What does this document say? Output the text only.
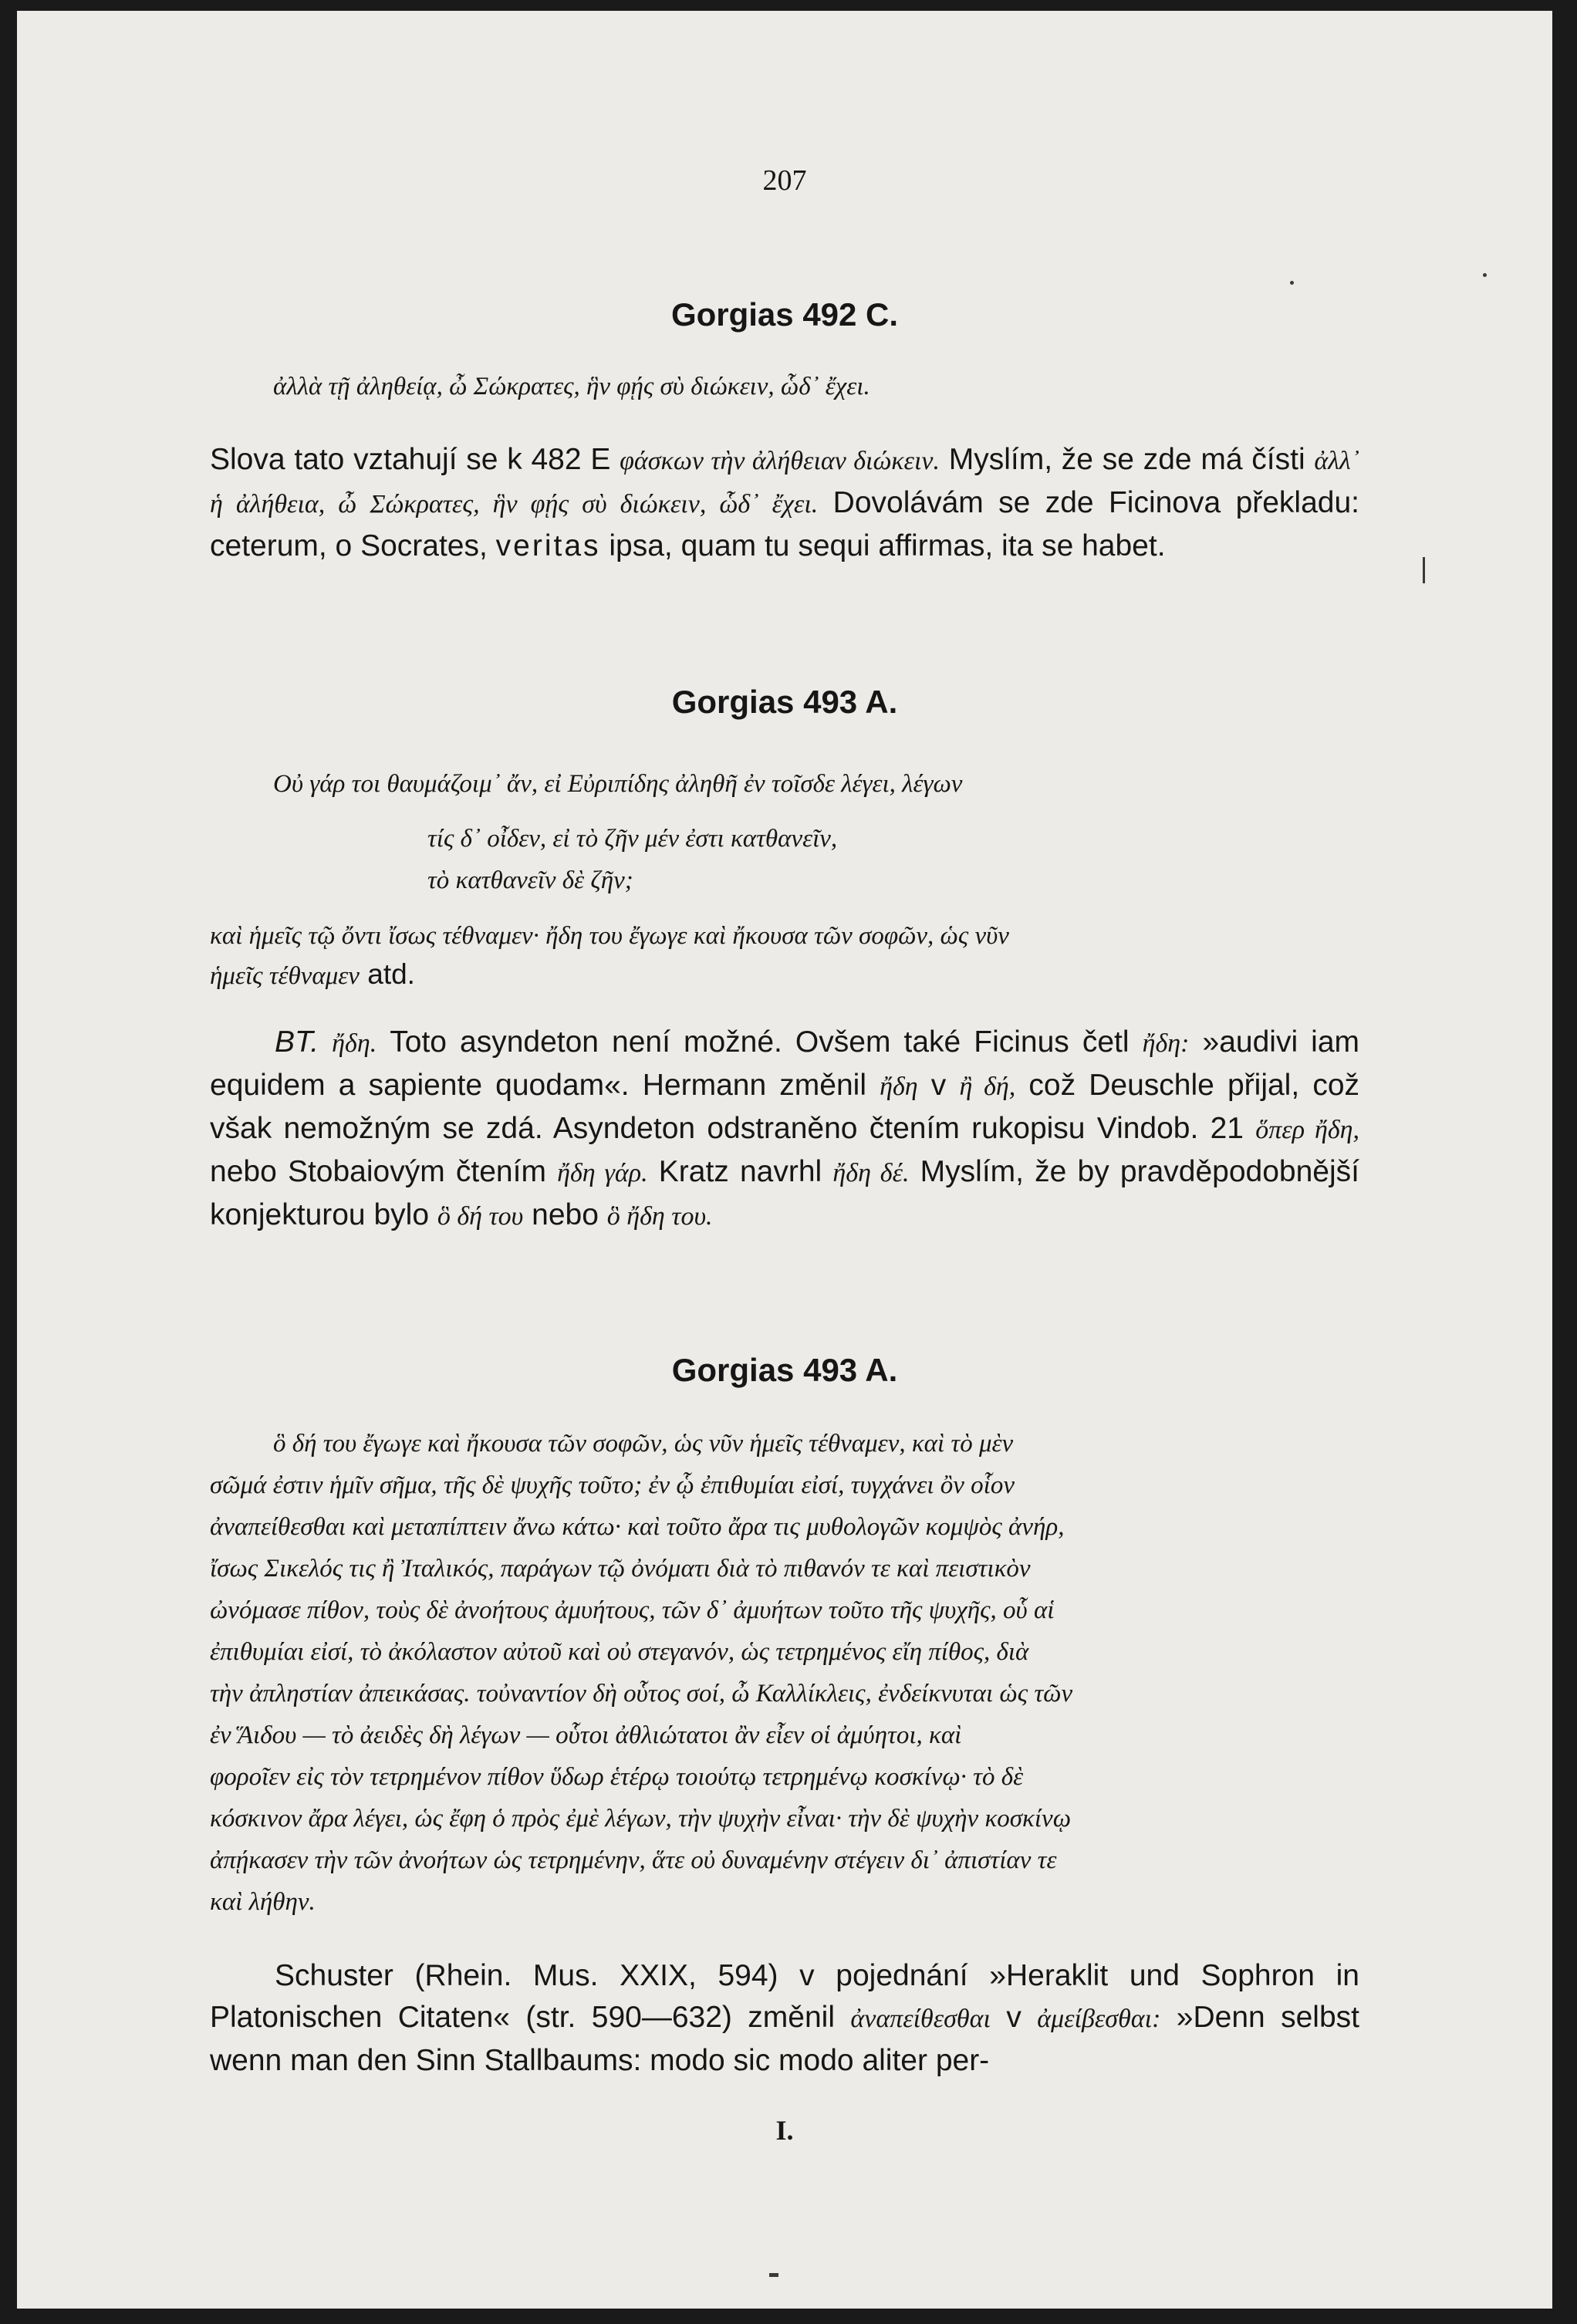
207
Gorgias 492 C.
ἀλλὰ τῇ ἀληθείᾳ, ὦ Σώκρατες, ἣν φῄς σὺ διώκειν, ὧδ᾽ ἔχει.
Slova tato vztahují se k 482 E φάσκων τὴν ἀλήθειαν διώκειν. Myslím, že se zde má čísti ἀλλ᾽ ἡ ἀλήθεια, ὦ Σώκρατες, ἣν φῄς σὺ διώκειν, ὧδ᾽ ἔχει. Dovolávám se zde Ficinova překladu: ceterum, o Socrates, veritas ipsa, quam tu sequi affirmas, ita se habet.
Gorgias 493 A.
Οὐ γάρ τοι θαυμάζοιμ᾽ ἄν, εἰ Εὐριπίδης ἀληθῆ ἐν τοῖσδε λέγει, λέγων
τίς δ᾽ οἶδεν, εἰ τὸ ζῆν μέν ἐστι κατθανεῖν,
τὸ κατθανεῖν δὲ ζῆν;
καὶ ἡμεῖς τῷ ὄντι ἴσως τέθναμεν· ἤδη του ἔγωγε καὶ ἤκουσα τῶν σοφῶν, ὡς νῦν
ἡμεῖς τέθναμεν atd.
BT. ἤδη. Toto asyndeton není možné. Ovšem také Ficinus četl ἤδη: »audivi iam equidem a sapiente quodam«. Hermann změnil ἤδη v ἢ δή, což Deuschle přijal, což však nemožným se zdá. Asyndeton odstraněno čtením rukopisu Vindob. 21 ὅπερ ἤδη, nebo Stobaiovým čtením ἤδη γάρ. Kratz navrhl ἤδη δέ. Myslím, že by pravděpodobnější konjekturou bylo ὃ δή του nebo ὃ ἤδη του.
Gorgias 493 A.
ὃ δή του ἔγωγε καὶ ἤκουσα τῶν σοφῶν, ὡς νῦν ἡμεῖς τέθναμεν, καὶ τὸ μὲν
σῶμά ἐστιν ἡμῖν σῆμα, τῆς δὲ ψυχῆς τοῦτο; ἐν ᾧ ἐπιθυμίαι εἰσί, τυγχάνει ὂν οἷον
ἀναπείθεσθαι καὶ μεταπίπτειν ἄνω κάτω· καὶ τοῦτο ἄρα τις μυθολογῶν κομψὸς ἀνήρ,
ἴσως Σικελός τις ἢ Ἰταλικός, παράγων τῷ ὀνόματι διὰ τὸ πιθανόν τε καὶ πειστικὸν
ὠνόμασε πίθον, τοὺς δὲ ἀνοήτους ἀμυήτους, τῶν δ᾽ ἀμυήτων τοῦτο τῆς ψυχῆς, οὗ αἱ
ἐπιθυμίαι εἰσί, τὸ ἀκόλαστον αὐτοῦ καὶ οὐ στεγανόν, ὡς τετρημένος εἴη πίθος, διὰ
τὴν ἀπληστίαν ἀπεικάσας. τοὐναντίον δὴ οὗτος σοί, ὦ Καλλίκλεις, ἐνδείκνυται ὡς τῶν
ἐν Ἅιδου — τὸ ἀειδὲς δὴ λέγων — οὗτοι ἀθλιώτατοι ἂν εἶεν οἱ ἀμύητοι, καὶ
φοροῖεν εἰς τὸν τετρημένον πίθον ὕδωρ ἑτέρῳ τοιούτῳ τετρημένῳ κοσκίνῳ· τὸ δὲ
κόσκινον ἄρα λέγει, ὡς ἔφη ὁ πρὸς ἐμὲ λέγων, τὴν ψυχὴν εἶναι· τὴν δὲ ψυχὴν κοσκίνῳ
ἀπῄκασεν τὴν τῶν ἀνοήτων ὡς τετρημένην, ἅτε οὐ δυναμένην στέγειν δι᾽ ἀπιστίαν τε
καὶ λήθην.
Schuster (Rhein. Mus. XXIX, 594) v pojednání »Heraklit und Sophron in Platonischen Citaten« (str. 590—632) změnil ἀναπείθεσθαι v ἀμείβεσθαι: »Denn selbst wenn man den Sinn Stallbaums: modo sic modo aliter per-
I.
